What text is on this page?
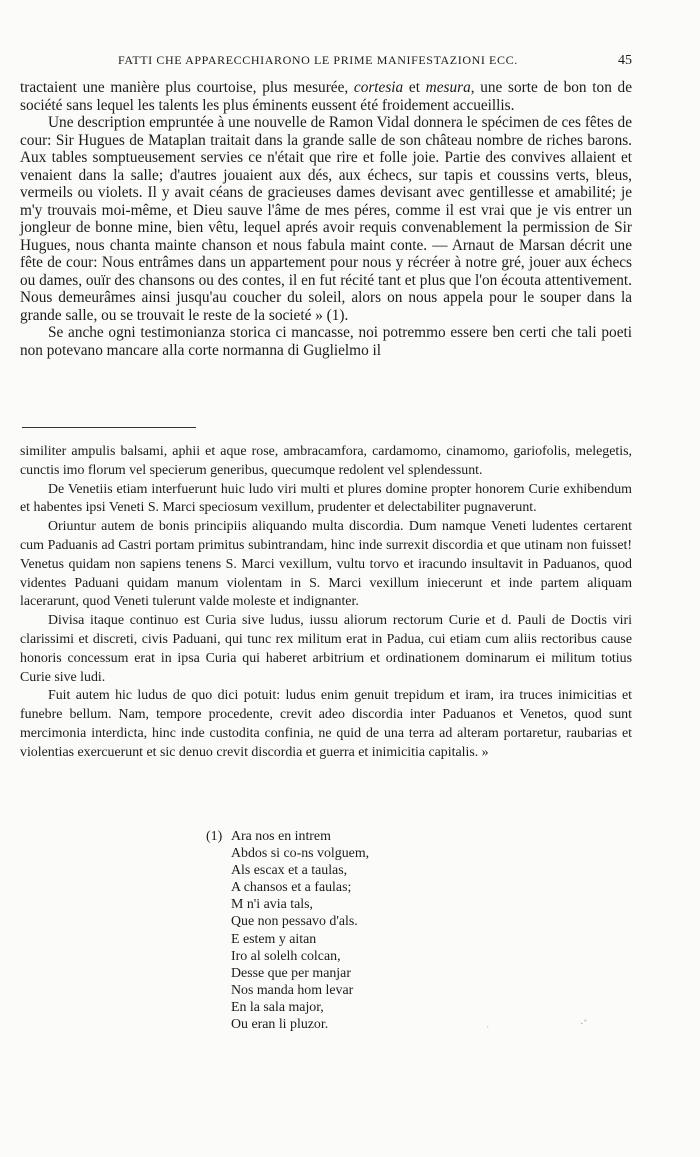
FATTI CHE APPARECCHIARONO LE PRIME MANIFESTAZIONI ECC.	45

tractaient une manière plus courtoise, plus mesurée, cortesia et mesura, une sorte de bon ton de société sans lequel les talents les plus éminents eussent été froidement accueillis.

Une description empruntée à une nouvelle de Ramon Vidal donnera le spécimen de ces fêtes de cour: Sir Hugues de Mataplan traitait dans la grande salle de son château nombre de riches barons. Aux tables somptueusement servies ce n'était que rire et folle joie. Partie des convives allaient et venaient dans la salle; d'autres jouaient aux dés, aux échecs, sur tapis et coussins verts, bleus, vermeils ou violets. Il y avait céans de gracieuses dames devisant avec gentillesse et amabilité; je m'y trouvais moi-même, et Dieu sauve l'âme de mes péres, comme il est vrai que je vis entrer un jongleur de bonne mine, bien vêtu, lequel aprés avoir requis convenablement la permission de Sir Hugues, nous chanta mainte chanson et nous fabula maint conte. — Arnaut de Marsan décrit une fête de cour: Nous entrâmes dans un appartement pour nous y récréer à notre gré, jouer aux échecs ou dames, ouïr des chansons ou des contes, il en fut récité tant et plus que l'on écouta attentivement. Nous demeurâmes ainsi jusqu'au coucher du soleil, alors on nous appela pour le souper dans la grande salle, ou se trouvait le reste de la societé » (1).

Se anche ogni testimonianza storica ci mancasse, noi potremmo essere ben certi che tali poeti non potevano mancare alla corte normanna di Guglielmo il

similiter ampulis balsami, aphii et aque rose, ambracamfora, cardamomo, cinamomo, gariofolis, melegetis, cunctis imo florum vel specierum generibus, quecumque redolent vel splendessunt.

De Venetiis etiam interfuerunt huic ludo viri multi et plures domine propter honorem Curie exhibendum et habentes ipsi Veneti S. Marci speciosum vexillum, prudenter et delectabiliter pugnaverunt.

Oriuntur autem de bonis principiis aliquando multa discordia. Dum namque Veneti ludentes certarent cum Paduanis ad Castri portam primitus subintrandam, hinc inde surrexit discordia et que utinam non fuisset! Venetus quidam non sapiens tenens S. Marci vexillum, vultu torvo et iracundo insultavit in Paduanos, quod videntes Paduani quidam manum violentam in S. Marci vexillum iniecerunt et inde partem aliquam lacerarunt, quod Veneti tulerunt valde moleste et indignanter.

Divisa itaque continuo est Curia sive ludus, iussu aliorum rectorum Curie et d. Pauli de Doctis viri clarissimi et discreti, civis Paduani, qui tunc rex militum erat in Padua, cui etiam cum aliis rectoribus cause honoris concessum erat in ipsa Curia qui haberet arbitrium et ordinationem dominarum ei militum totius Curie sive ludi.

Fuit autem hic ludus de quo dici potuit: ludus enim genuit trepidum et iram, ira truces inimicitias et funebre bellum. Nam, tempore procedente, crevit adeo discordia inter Paduanos et Venetos, quod sunt mercimonia interdicta, hinc inde custodita confinia, ne quid de una terra ad alteram portaretur, raubarias et violentias exercuerunt et sic denuo crevit discordia et guerra et inimicitia capitalis. »

(1) Ara nos en intrem
Abdos si co-ns volguem,
Als escax et a taulas,
A chansos et a faulas;
M n'i avia tals,
Que non pessavo d'als.
E estem y aitan
Iro al solelh colcan,
Desse que per manjar
Nos manda hom levar
En la sala major,
Ou eran li pluzor.	ˈ	·˚
